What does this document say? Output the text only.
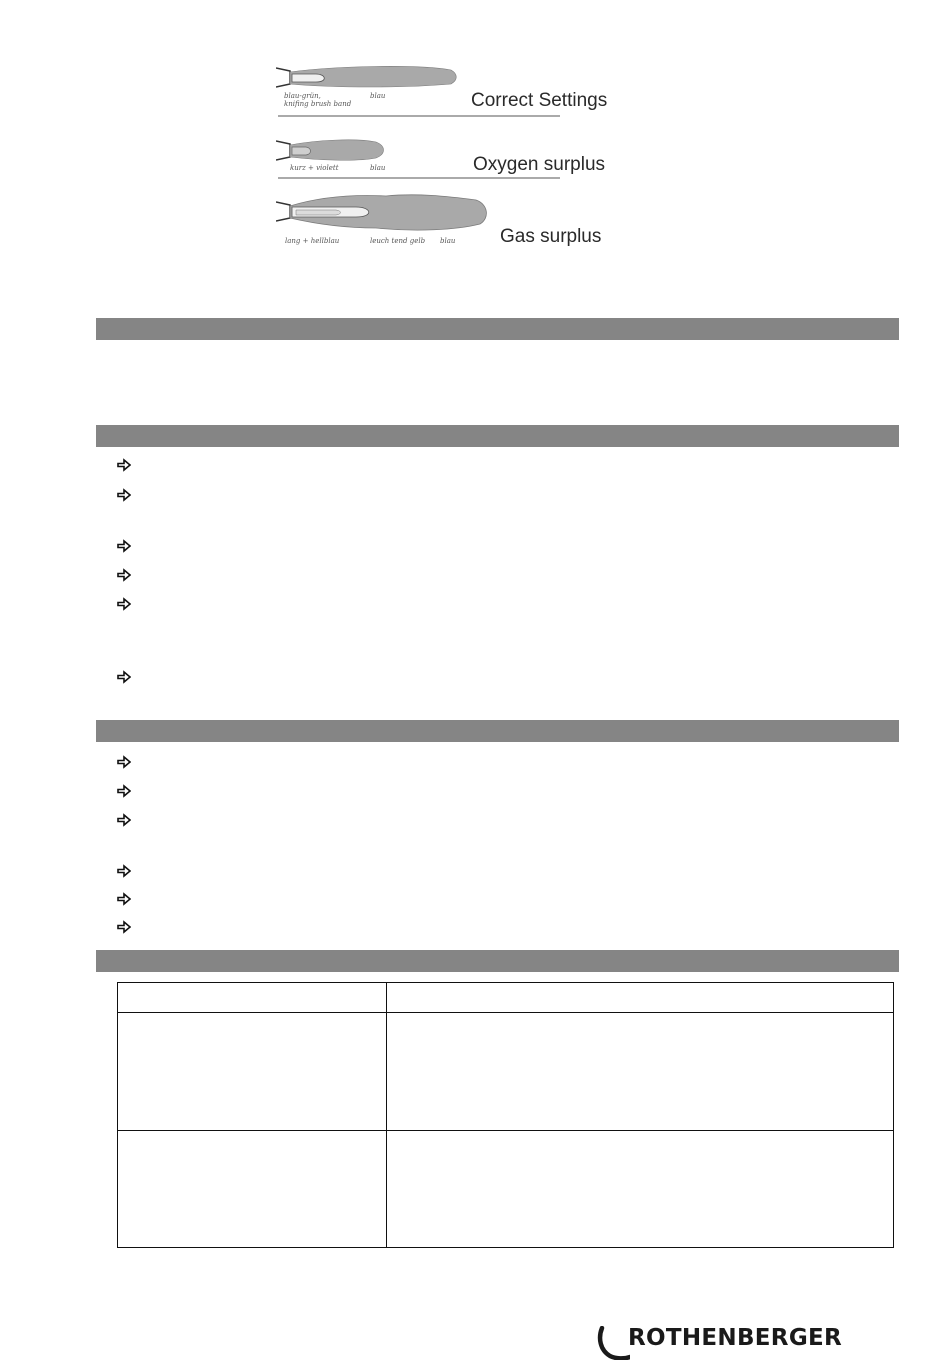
blau-grün,
knifing brush band
blau	Correct Settings
kurz + violett	blau	Oxygen surplus
lang + hellblau	leuch tend gelb blau Gas surplus
ROTHENBERGER
